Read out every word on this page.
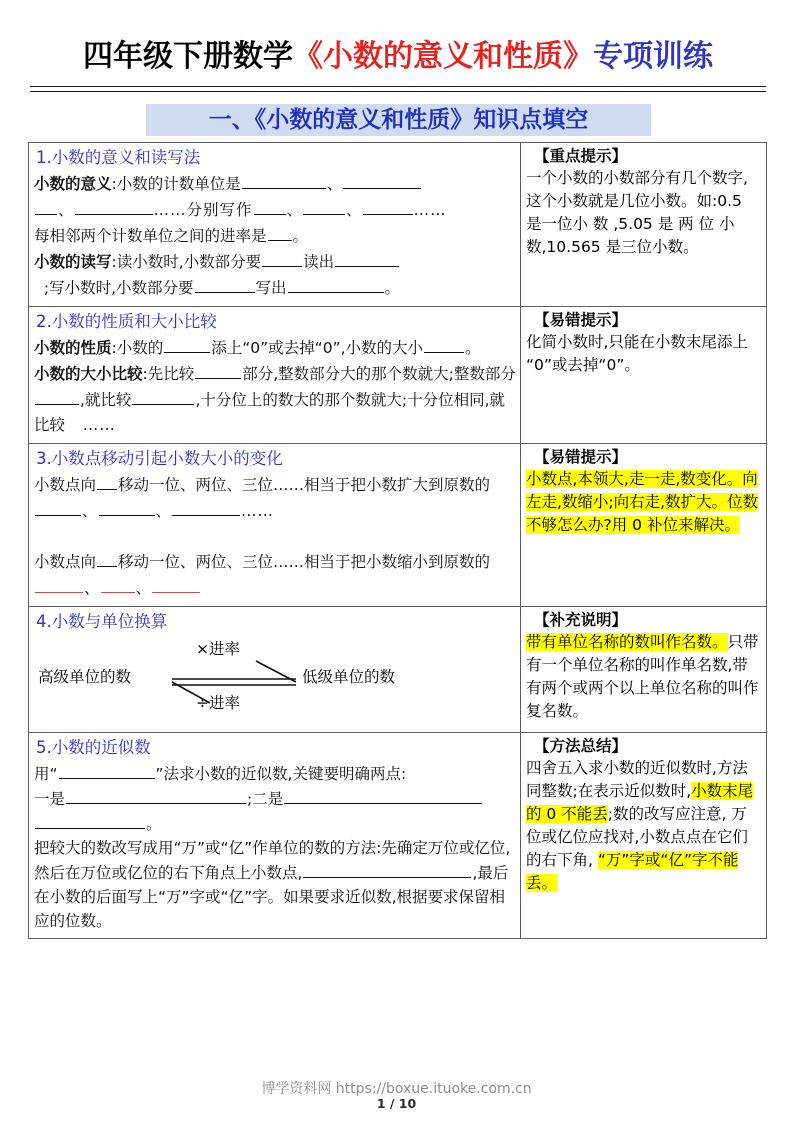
四年级下册数学《小数的意义和性质》专项训练
一、《小数的意义和性质》知识点填空
1.小数的意义和读写法
小数的意义:小数的计数单位是	、
、	……分别写作 、	、	……
每相邻两个计数单位之间的进率是 。
小数的读写:读小数时,小数部分要	读出
;写小数时,小数部分要	写出	。

【重点提示】
一个小数的小数部分有几个数字,这个小数就是几位小数。如:0.5 是一位小 数 ,5.05 是 两 位 小数,10.565 是三位小数。

2.小数的性质和大小比较
小数的性质:小数的	添上“0”或去掉“0”,小数的大小	。
小数的大小比较:先比较	部分,整数部分大的那个数就大;整数部分,就比较	,十分位上的数大的那个数就大;十分位相同,就比较   ……

【易错提示】
化简小数时,只能在小数末尾添上“0”或去掉“0”。

3.小数点移动引起小数大小的变化
小数点向 移动一位、两位、三位……相当于把小数扩大到原数的 、	、	……

小数点向 移动一位、两位、三位……相当于把小数缩小到原数的  、 、

【易错提示】
小数点,本领大,走一走,数变化。向左走,数缩小;向右走,数扩大。位数不够怎么办?用 0 补位来解决。

4.小数与单位换算
×进率
高级单位的数	低级单位的数
÷进率

【补充说明】
带有单位名称的数叫作名数。只带有一个单位名称的叫作单名数,带有两个或两个以上单位名称的叫作复名数。

5.小数的近似数
用“	”法求小数的近似数,关键要明确两点:
一是	;二是
。
把较大的数改写成用“万”或“亿”作单位的数的方法:先确定万位或亿位,然后在万位或亿位的右下角点上小数点,	,最后在小数的后面写上“万”字或“亿”字。如果要求近似数,根据要求保留相应的位数。

【方法总结】
四舍五入求小数的近似数时,方法同整数;在表示近似数时,小数末尾的 0 不能丢;数的改写应注意, 万位或亿位应找对,小数点点在它们的右下角, “万”字或“亿”字不能丢。
博学资料网 https://boxue.ituoke.com.cn
1 / 10
